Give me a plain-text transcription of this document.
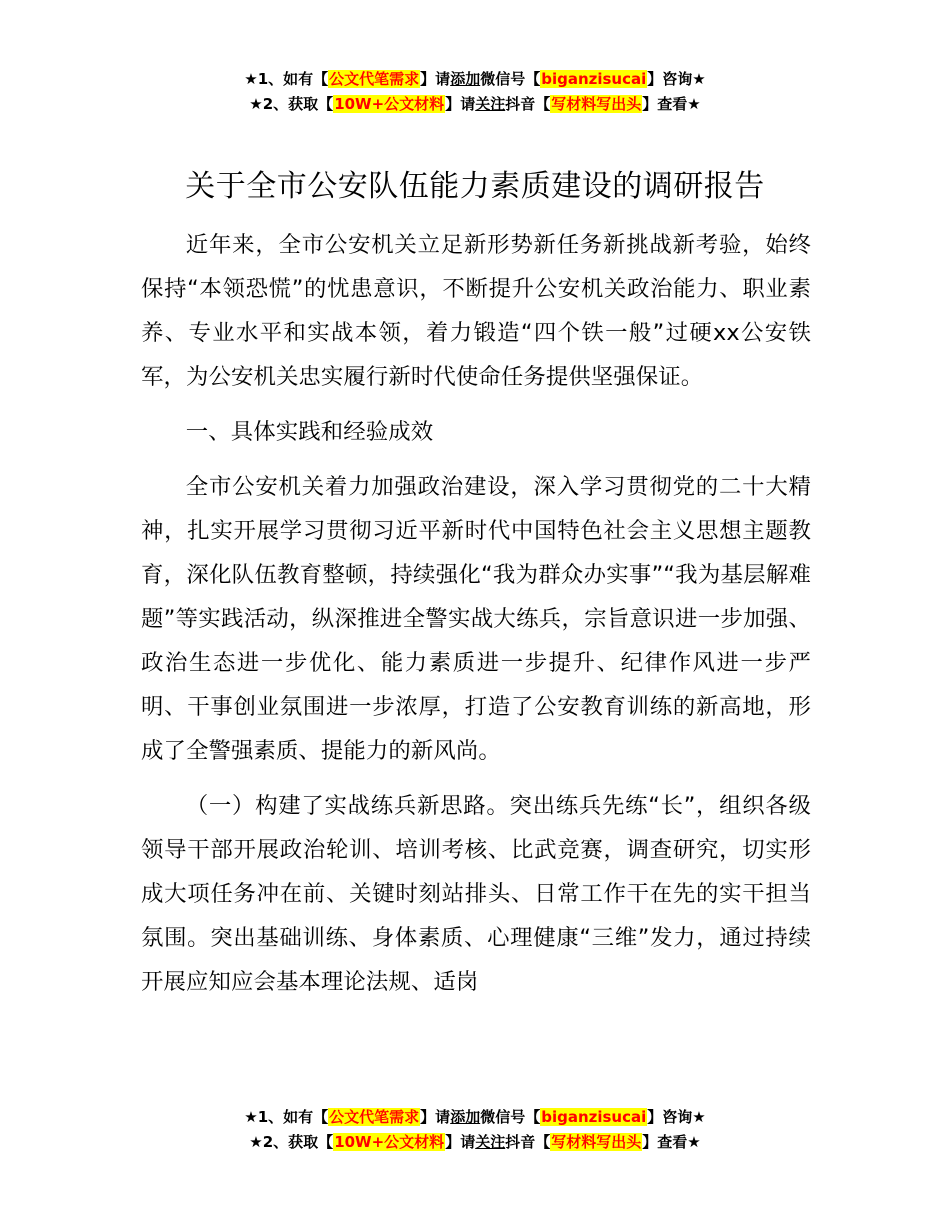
★1、如有【公文代笔需求】请添加微信号【biganzisucai】咨询★
★2、获取【10W+公文材料】请关注抖音【写材料写出头】查看★
关于全市公安队伍能力素质建设的调研报告

近年来，全市公安机关立足新形势新任务新挑战新考验，始终保持“本领恐慌”的忧患意识，不断提升公安机关政治能力、职业素养、专业水平和实战本领，着力锻造“四个铁一般”过硬xx公安铁军，为公安机关忠实履行新时代使命任务提供坚强保证。

一、具体实践和经验成效

全市公安机关着力加强政治建设，深入学习贯彻党的二十大精神，扎实开展学习贯彻习近平新时代中国特色社会主义思想主题教育，深化队伍教育整顿，持续强化“我为群众办实事”“我为基层解难题”等实践活动，纵深推进全警实战大练兵，宗旨意识进一步加强、政治生态进一步优化、能力素质进一步提升、纪律作风进一步严明、干事创业氛围进一步浓厚，打造了公安教育训练的新高地，形成了全警强素质、提能力的新风尚。

（一）构建了实战练兵新思路。突出练兵先练“长”，组织各级领导干部开展政治轮训、培训考核、比武竞赛，调查研究，切实形成大项任务冲在前、关键时刻站排头、日常工作干在先的实干担当氛围。突出基础训练、身体素质、心理健康“三维”发力，通过持续开展应知应会基本理论法规、适岗

★1、如有【公文代笔需求】请添加微信号【biganzisucai】咨询★
★2、获取【10W+公文材料】请关注抖音【写材料写出头】查看★
